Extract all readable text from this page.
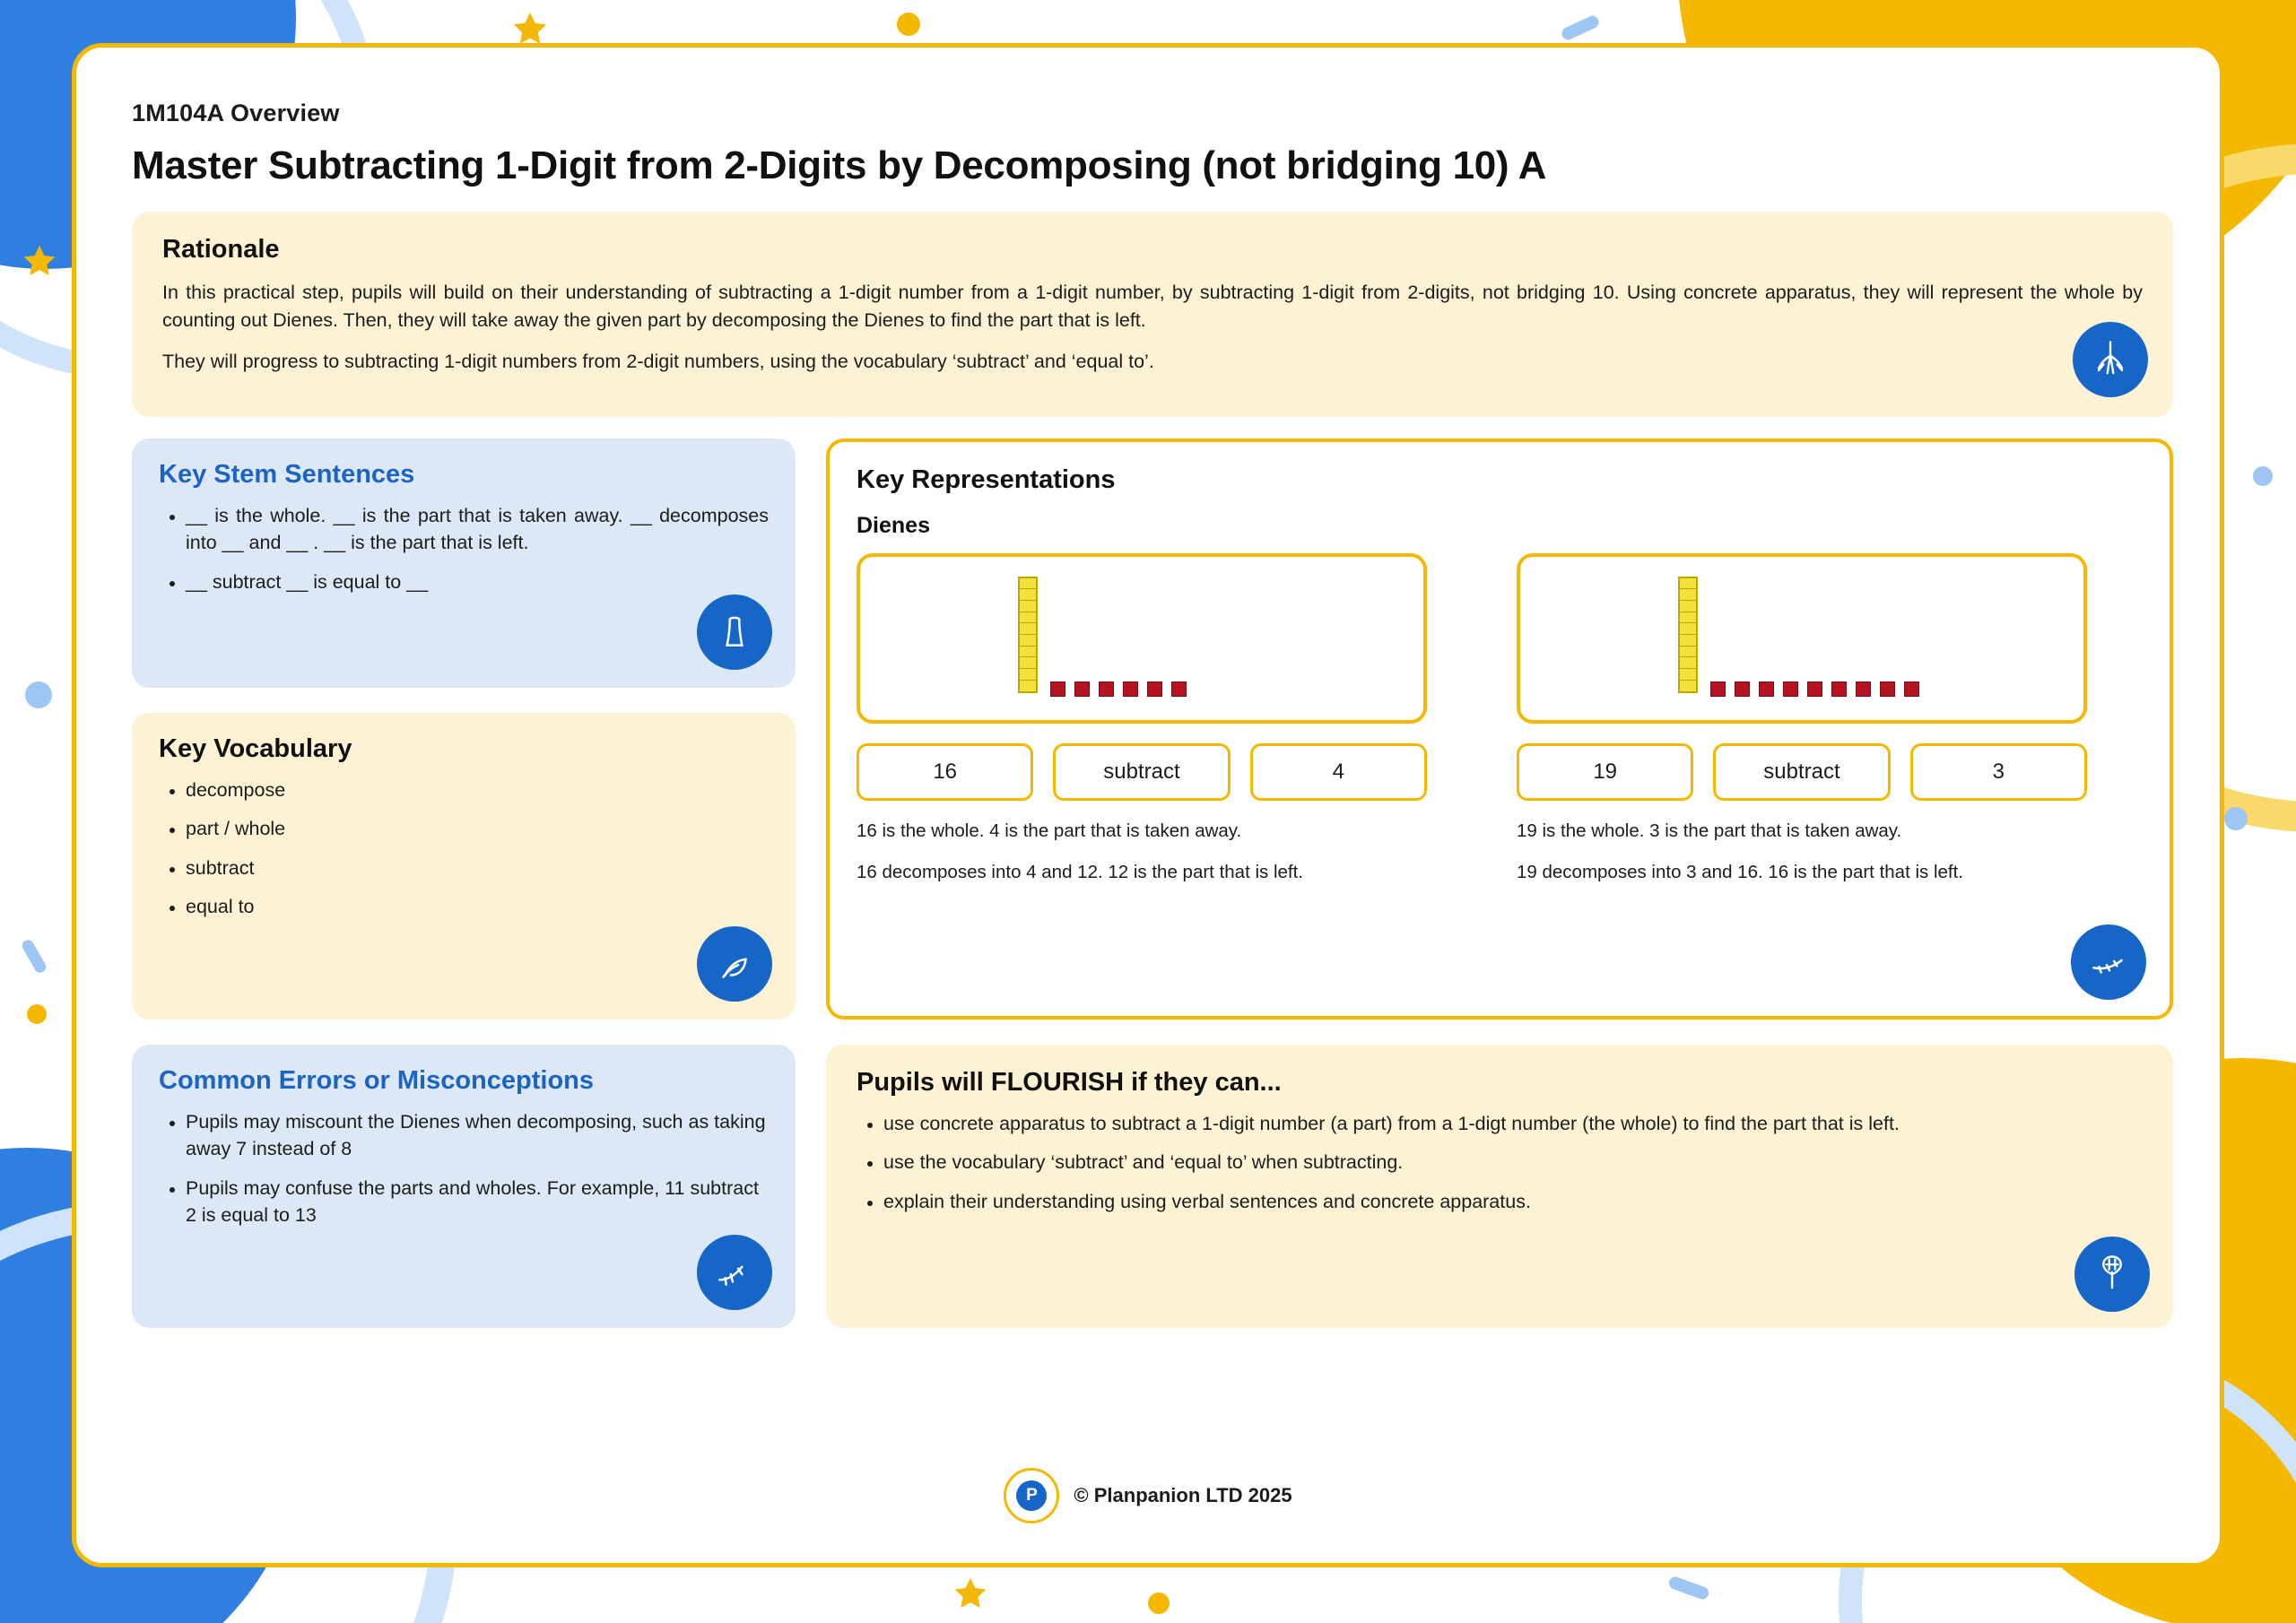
1M104A Overview
Master Subtracting 1-Digit from 2-Digits by Decomposing (not bridging 10) A
Rationale

In this practical step, pupils will build on their understanding of subtracting a 1-digit number from a 1-digit number, by subtracting 1-digit from 2-digits, not bridging 10. Using concrete apparatus, they will represent the whole by counting out Dienes. Then, they will take away the given part by decomposing the Dienes to find the part that is left.

They will progress to subtracting 1-digit numbers from 2-digit numbers, using the vocabulary ‘subtract’ and ‘equal to’.

Key Stem Sentences
• __ is the whole. __ is the part that is taken away. __ decomposes into __ and __ . __ is the part that is left.
• __ subtract __ is equal to __
Key Vocabulary
• decompose
• part / whole
• subtract
• equal to
Common Errors or Misconceptions
• Pupils may miscount the Dienes when decomposing, such as taking away 7 instead of 8
• Pupils may confuse the parts and wholes. For example, 11 subtract 2 is equal to 13
Key Representations
Dienes
16	subtract	4

16 is the whole. 4 is the part that is taken away.

16 decomposes into 4 and 12. 12 is the part that is left.

19	subtract	3

19 is the whole. 3 is the part that is taken away.

19 decomposes into 3 and 16. 16 is the part that is left.

Pupils will FLOURISH if they can...
• use concrete apparatus to subtract a 1-digit number (a part) from a 1-digt number (the whole) to find the part that is left.
• use the vocabulary ‘subtract’ and ‘equal to’ when subtracting.
• explain their understanding using verbal sentences and concrete apparatus.
P	© Planpanion LTD 2025
